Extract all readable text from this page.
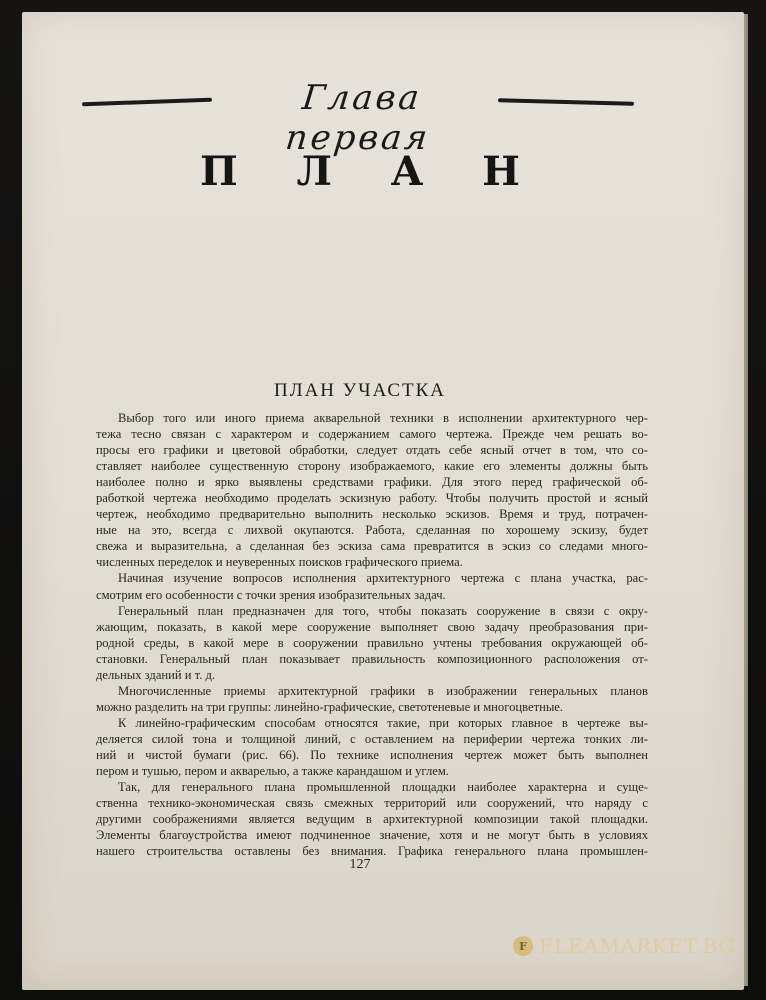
Глава первая
П Л А Н
ПЛАН УЧАСТКА
Выбор того или иного приема акварельной техники в исполнении архитектурного чер-
тежа тесно связан с характером и содержанием самого чертежа. Прежде чем решать во-
просы его графики и цветовой обработки, следует отдать себе ясный отчет в том, что со-
ставляет наиболее существенную сторону изображаемого, какие его элементы должны быть
наиболее полно и ярко выявлены средствами графики. Для этого перед графической об-
работкой чертежа необходимо проделать эскизную работу. Чтобы получить простой и ясный
чертеж, необходимо предварительно выполнить несколько эскизов. Время и труд, потрачен-
ные на это, всегда с лихвой окупаются. Работа, сделанная по хорошему эскизу, будет
свежа и выразительна, а сделанная без эскиза сама превратится в эскиз со следами много-
численных переделок и неуверенных поисков графического приема.
Начиная изучение вопросов исполнения архитектурного чертежа с плана участка, рас-
смотрим его особенности с точки зрения изобразительных задач.
Генеральный план предназначен для того, чтобы показать сооружение в связи с окру-
жающим, показать, в какой мере сооружение выполняет свою задачу преобразования при-
родной среды, в какой мере в сооружении правильно учтены требования окружающей об-
становки. Генеральный план показывает правильность композиционного расположения от-
дельных зданий и т. д.
Многочисленные приемы архитектурной графики в изображении генеральных планов
можно разделить на три группы: линейно-графические, светотеневые и многоцветные.
К линейно-графическим способам относятся такие, при которых главное в чертеже вы-
деляется силой тона и толщиной линий, с оставлением на периферии чертежа тонких ли-
ний и чистой бумаги (рис. 66). По технике исполнения чертеж может быть выполнен
пером и тушью, пером и акварелью, а также карандашом и углем.
Так, для генерального плана промышленной площадки наиболее характерна и суще-
ственна технико-экономическая связь смежных территорий или сооружений, что наряду с
другими соображениями является ведущим в архитектурной композиции такой площадки.
Элементы благоустройства имеют подчиненное значение, хотя и не могут быть в условиях
нашего строительства оставлены без внимания. Графика генерального плана промышлен-
127
F FLEAMARKET.BG
